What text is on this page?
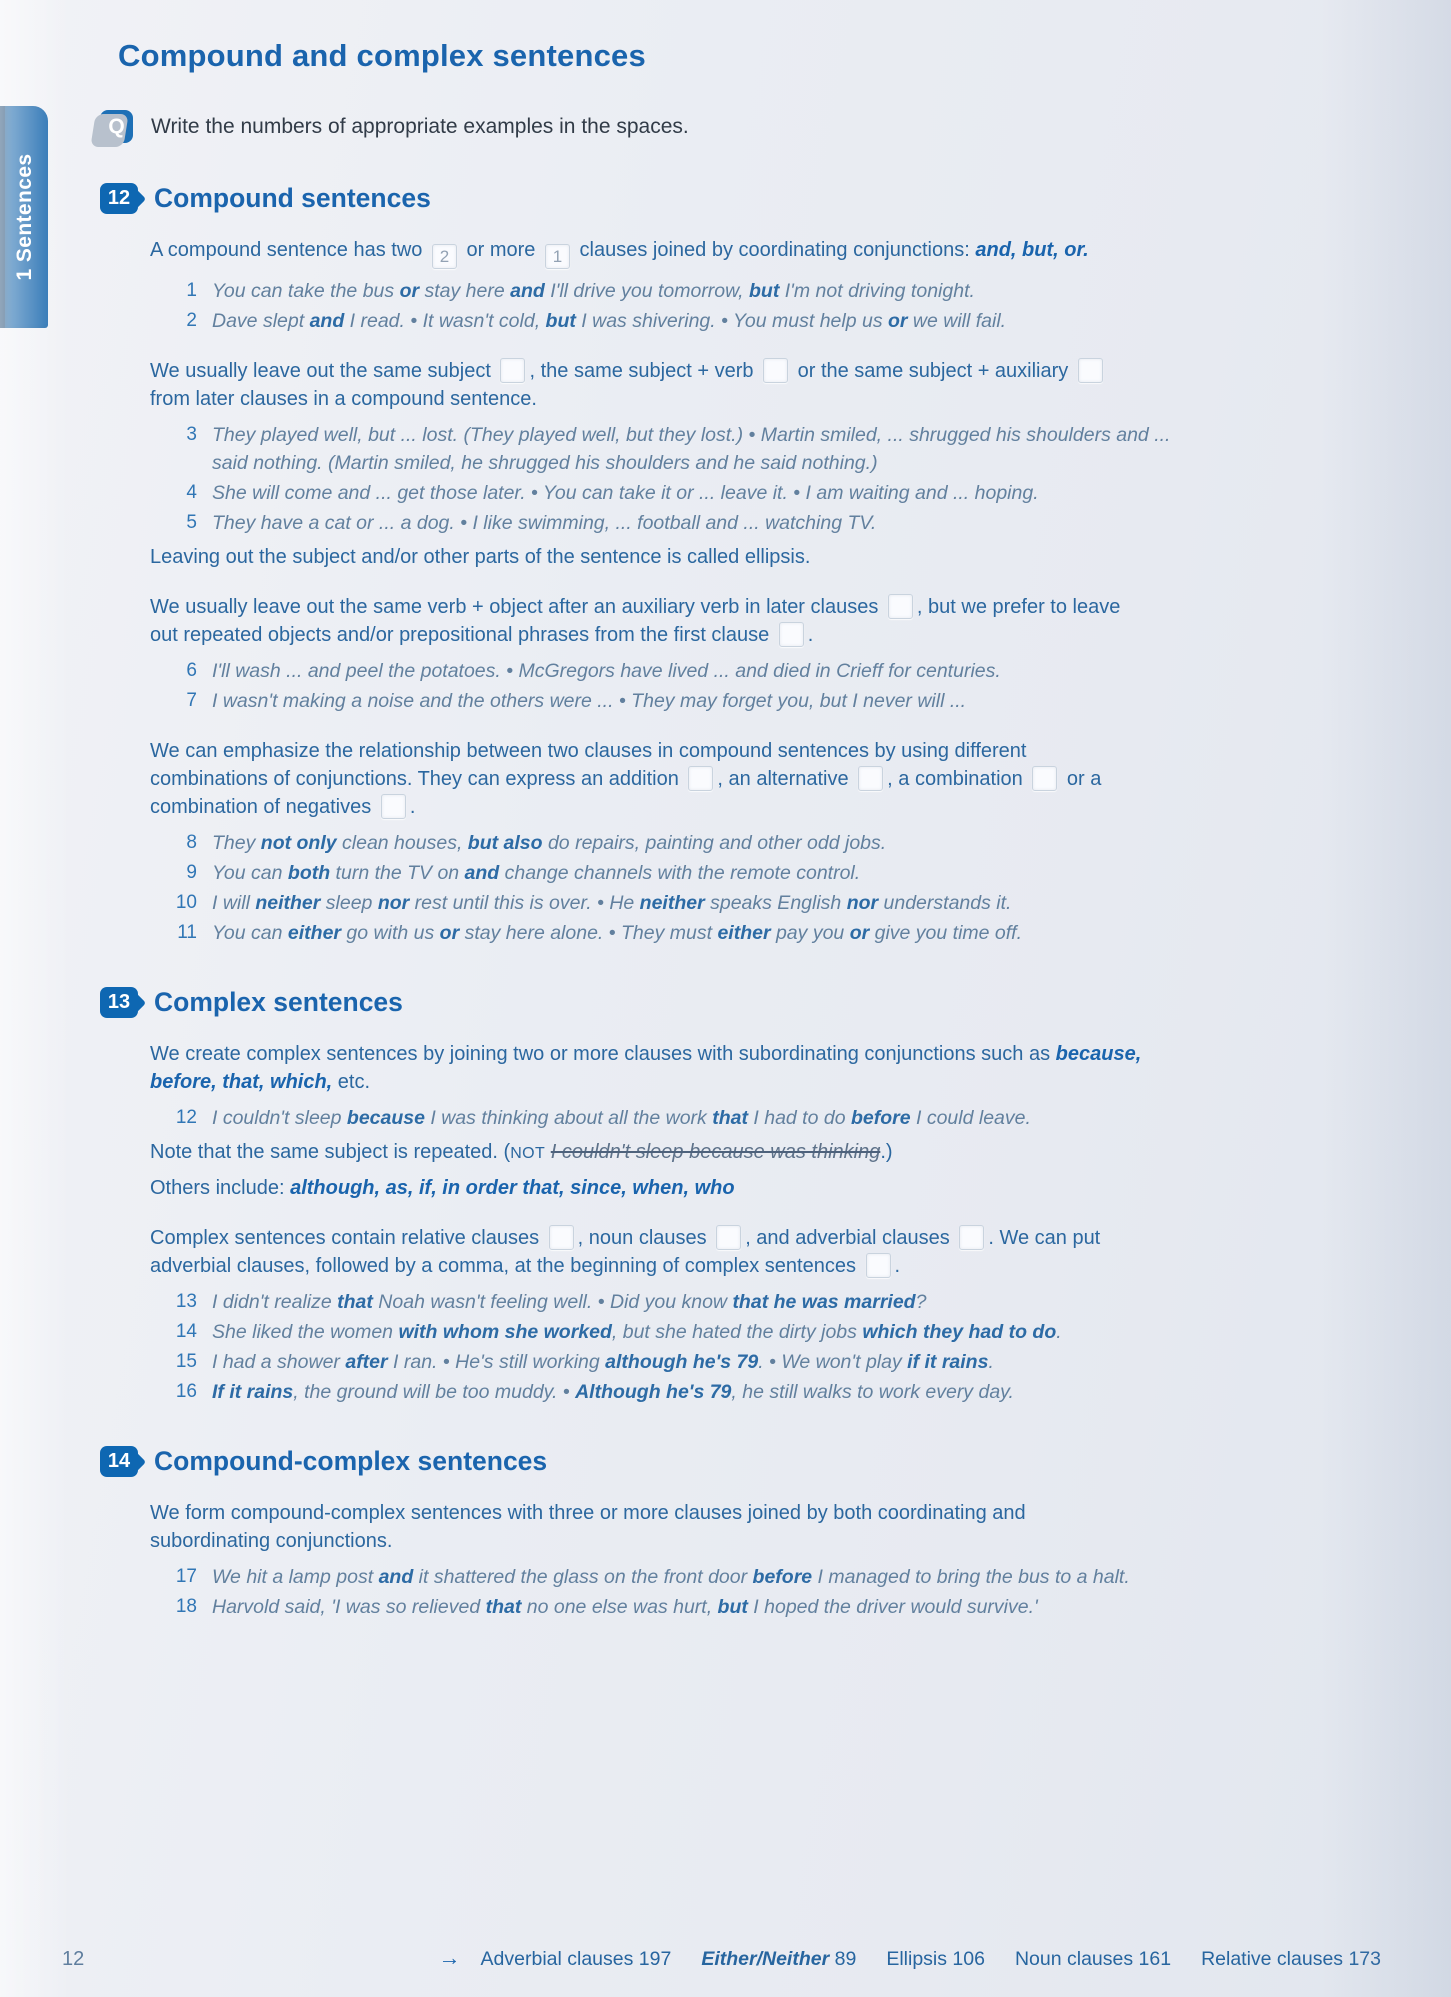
1 Sentences
Compound and complex sentences
Q	Write the numbers of appropriate examples in the spaces.
12 Compound sentences

A compound sentence has two 2 or more 1 clauses joined by coordinating conjunctions: and, but, or.

1 You can take the bus or stay here and I'll drive you tomorrow, but I'm not driving tonight.
2 Dave slept and I read. • It wasn't cold, but I was shivering. • You must help us or we will fail.

We usually leave out the same subject , the same subject + verb  or the same subject + auxiliary  from later clauses in a compound sentence.

3 They played well, but ... lost. (They played well, but they lost.) • Martin smiled, ... shrugged his shoulders and ... said nothing. (Martin smiled, he shrugged his shoulders and he said nothing.)
4 She will come and ... get those later. • You can take it or ... leave it. • I am waiting and ... hoping.
5 They have a cat or ... a dog. • I like swimming, ... football and ... watching TV.

Leaving out the subject and/or other parts of the sentence is called ellipsis.

We usually leave out the same verb + object after an auxiliary verb in later clauses , but we prefer to leave out repeated objects and/or prepositional phrases from the first clause .

6 I'll wash ... and peel the potatoes. • McGregors have lived ... and died in Crieff for centuries.
7 I wasn't making a noise and the others were ... • They may forget you, but I never will ...

We can emphasize the relationship between two clauses in compound sentences by using different combinations of conjunctions. They can express an addition , an alternative , a combination  or a combination of negatives .

8 They not only clean houses, but also do repairs, painting and other odd jobs.
9 You can both turn the TV on and change channels with the remote control.
10 I will neither sleep nor rest until this is over. • He neither speaks English nor understands it.
11 You can either go with us or stay here alone. • They must either pay you or give you time off.
13 Complex sentences

We create complex sentences by joining two or more clauses with subordinating conjunctions such as because, before, that, which, etc.

12 I couldn't sleep because I was thinking about all the work that I had to do before I could leave.

Note that the same subject is repeated. (NOT I couldn't sleep because was thinking.)

Others include: although, as, if, in order that, since, when, who

Complex sentences contain relative clauses , noun clauses , and adverbial clauses . We can put adverbial clauses, followed by a comma, at the beginning of complex sentences .

13 I didn't realize that Noah wasn't feeling well. • Did you know that he was married?
14 She liked the women with whom she worked, but she hated the dirty jobs which they had to do.
15 I had a shower after I ran. • He's still working although he's 79. • We won't play if it rains.
16 If it rains, the ground will be too muddy. • Although he's 79, he still walks to work every day.
14 Compound-complex sentences

We form compound-complex sentences with three or more clauses joined by both coordinating and subordinating conjunctions.

17 We hit a lamp post and it shattered the glass on the front door before I managed to bring the bus to a halt.
18 Harvold said, 'I was so relieved that no one else was hurt, but I hoped the driver would survive.'
12	→ Adverbial clauses 197 Either/Neither 89 Ellipsis 106 Noun clauses 161 Relative clauses 173
